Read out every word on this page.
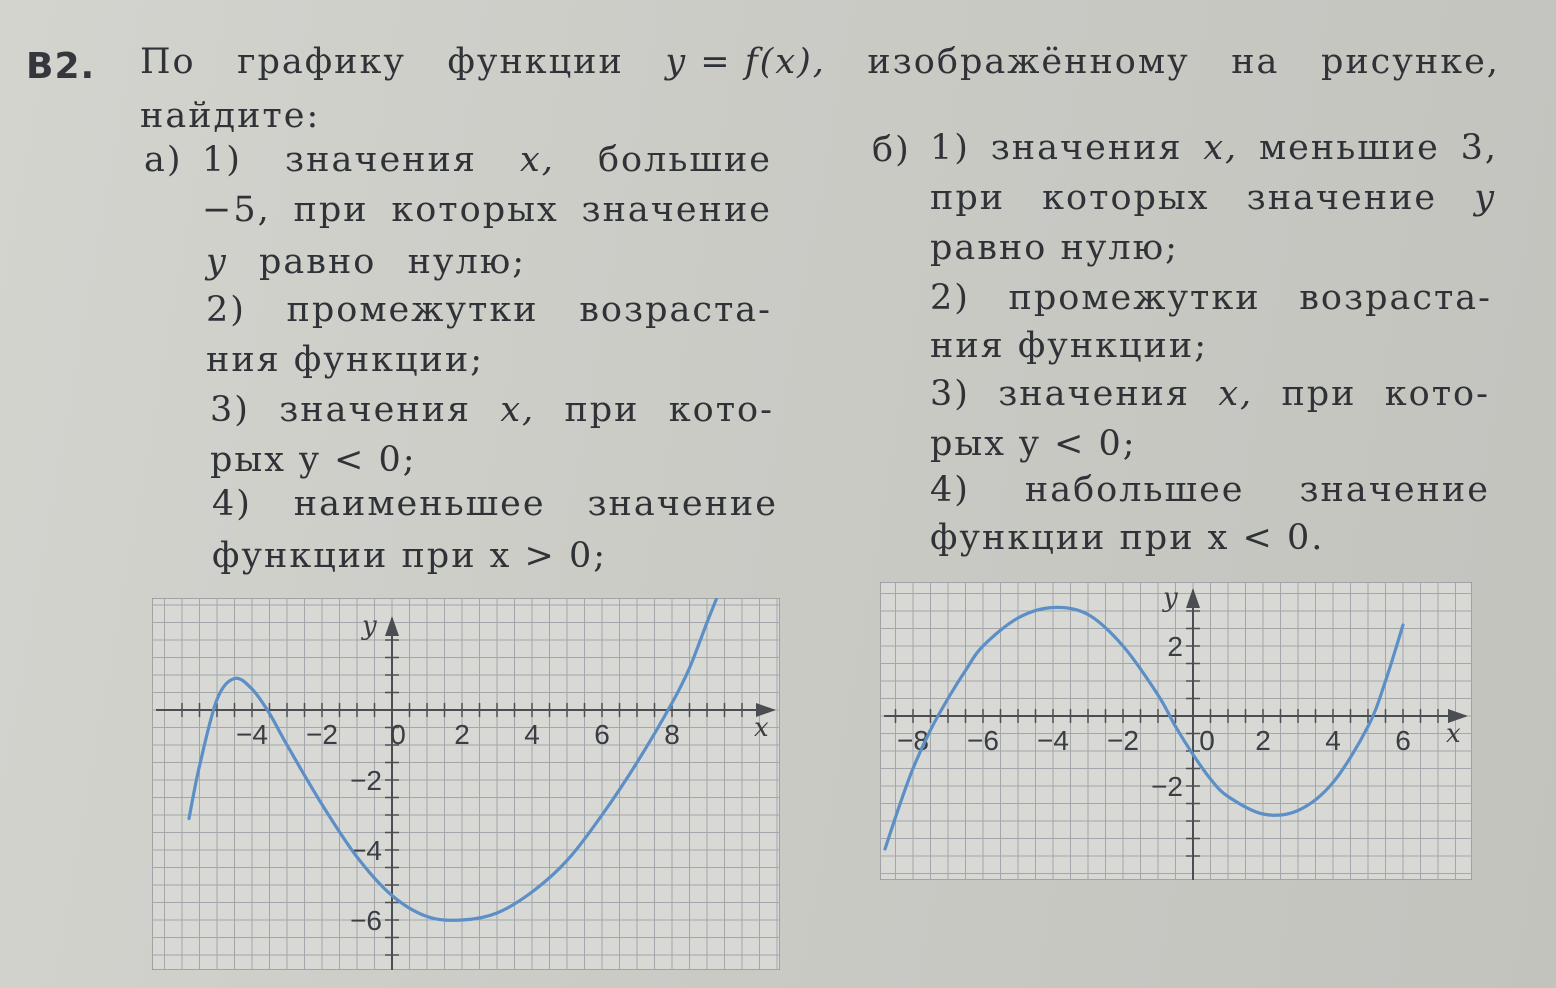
B2. По графику функции y = f(x), изображённому на рисунке,
найдите:
а) 1) значения x, большие
−5, при которых значение
y равно нулю;
2) промежутки возраста-
ния функции;
3) значения x, при кото-
рых y < 0;
4) наименьшее значение
функции при x > 0;
б) 1) значения x, меньшие 3,
при которых значение y
равно нулю;
2) промежутки возраста-
ния функции;
3) значения x, при кото-
рых y < 0;
4) набольшее значение
функции при x < 0.
−4 −2 0 2 4 6 8
−2
−4
−6
x
y
−8 −6 −4 −2 0 2 4 6
2
−2
x
y
